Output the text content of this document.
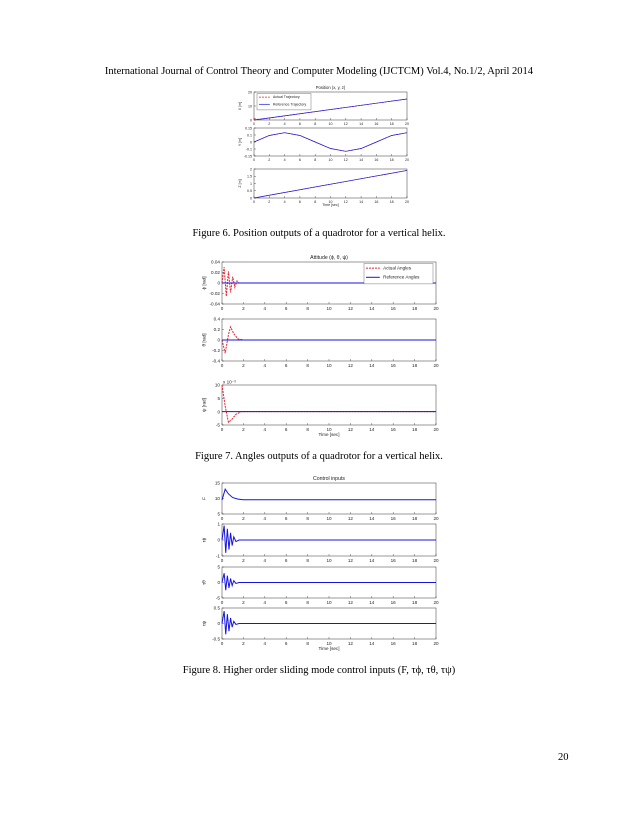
International Journal of Control Theory and Computer Modeling (IJCTCM) Vol.4, No.1/2, April 2014
Position (x, y, z)
20
10
0
0	2	4	6	8	10	12	14	16	18	20
X [m]
0.15
0.1
0
-0.1
-0.15
0	2	4	6	8	10	12	14	16	18	20
Y [m]
2
1.5
1
0.5
0
0	2	4	6	8	10	12	14	16	18	20
Z [m]
Time [sec]
Actual Trajectory
Reference Trajectory
Attitude (ϕ, θ, ψ)
0.04
0.02
0
-0.02
-0.04
0	2	4	6	8	10	12	14	16	18	20
ϕ [rad]
0.4
0.2
0
-0.2
-0.4
0	2	4	6	8	10	12	14	16	18	20
θ [rad]
10
5
0
-5
x 10⁻³
0	2	4	6	8	10	12	14	16	18	20
ψ [rad]
Time [sec]
Actual Angles
Reference Angles
Control inputs
15
10
5
0	2	4	6	8	10	12	14	16	18	20
F
1
0
-1
0	2	4	6	8	10	12	14	16	18	20
τϕ
5
0
-5
0	2	4	6	8	10	12	14	16	18	20
τθ
0.5
0
-0.5
0	2	4	6	8	10	12	14	16	18	20
τψ
Time [sec]
Figure 6. Position outputs of a quadrotor for a vertical helix.
Figure 7. Angles outputs of a quadrotor for a vertical helix.
Figure 8. Higher order sliding mode control inputs (F, τϕ, τθ, τψ)
20
